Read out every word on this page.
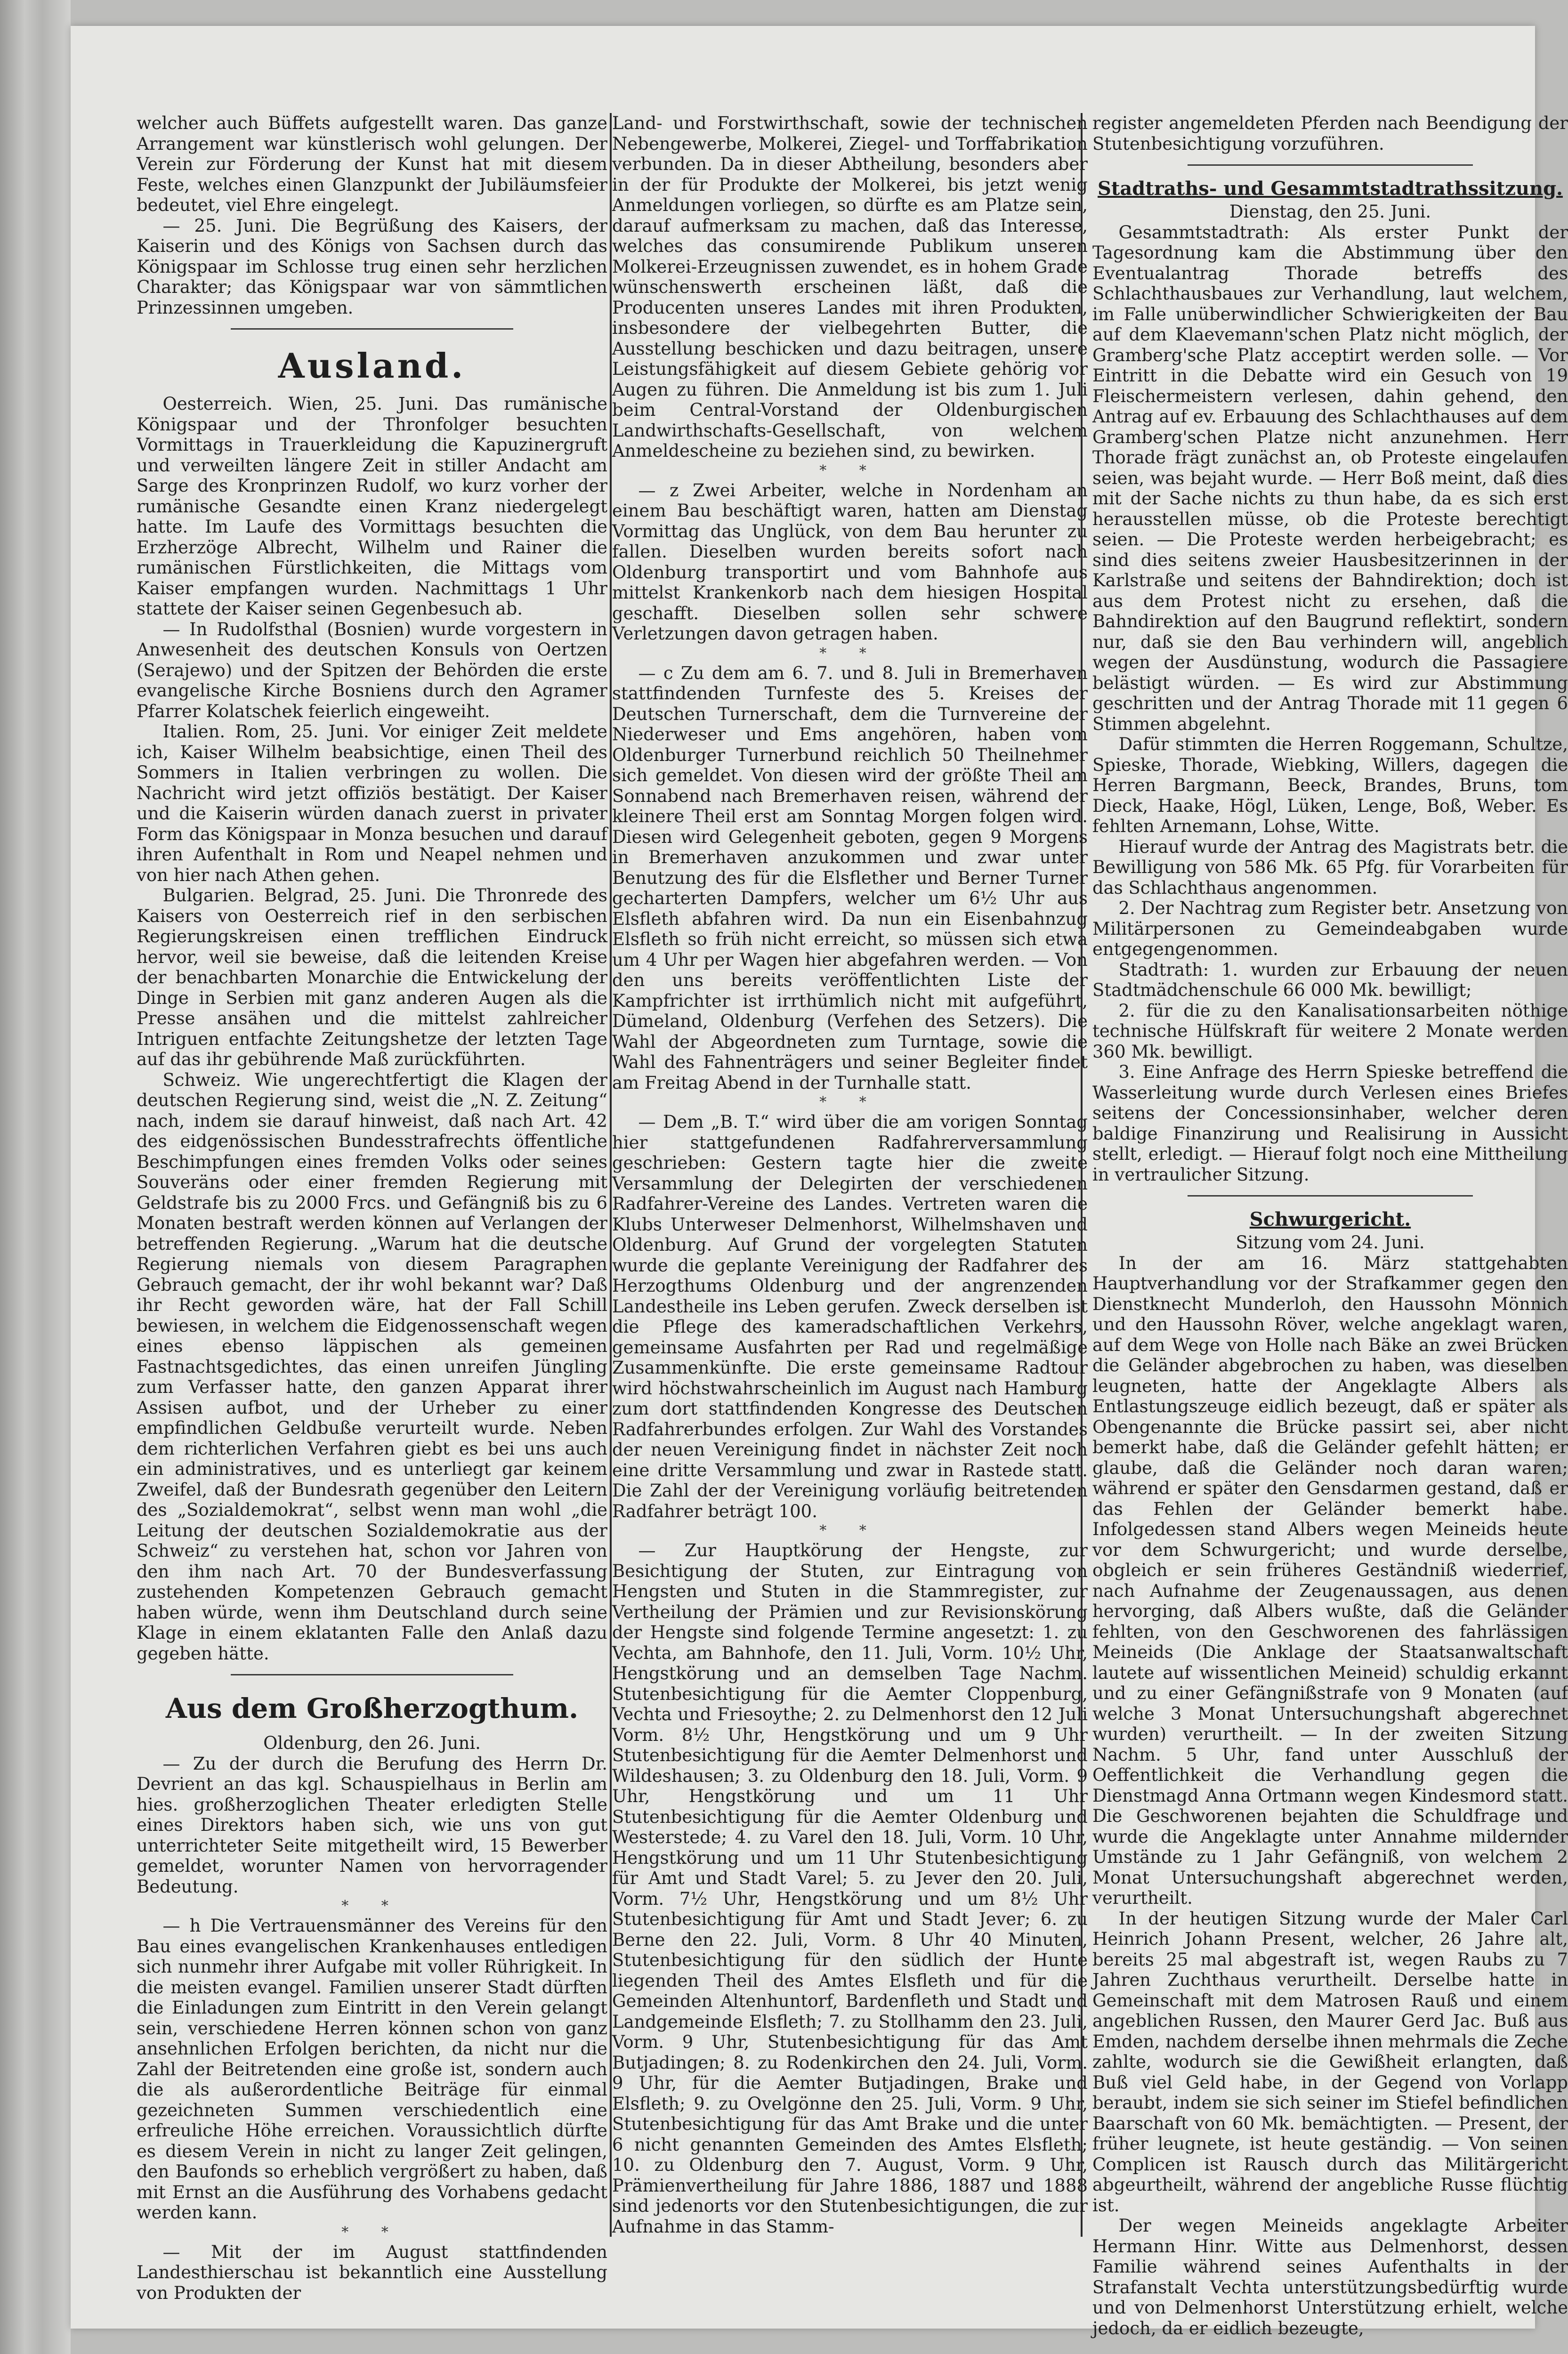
welcher auch Büffets aufgestellt waren. Das ganze Arrangement war künstlerisch wohl gelungen. Der Verein zur Förderung der Kunst hat mit diesem Feste, welches einen Glanzpunkt der Jubiläumsfeier bedeutet, viel Ehre eingelegt.

— 25. Juni. Die Begrüßung des Kaisers, der Kaiserin und des Königs von Sachsen durch das Königspaar im Schlosse trug einen sehr herzlichen Charakter; das Königspaar war von sämmtlichen Prinzessinnen umgeben.

Ausland.

Oesterreich. Wien, 25. Juni. Das rumänische Königspaar und der Thronfolger besuchten Vormittags in Trauerkleidung die Kapuzinergruft und verweilten längere Zeit in stiller Andacht am Sarge des Kronprinzen Rudolf, wo kurz vorher der rumänische Gesandte einen Kranz niedergelegt hatte. Im Laufe des Vormittags besuchten die Erzherzöge Albrecht, Wilhelm und Rainer die rumänischen Fürstlichkeiten, die Mittags vom Kaiser empfangen wurden. Nachmittags 1 Uhr stattete der Kaiser seinen Gegenbesuch ab.

— In Rudolfsthal (Bosnien) wurde vorgestern in Anwesenheit des deutschen Konsuls von Oertzen (Serajewo) und der Spitzen der Behörden die erste evangelische Kirche Bosniens durch den Agramer Pfarrer Kolatschek feierlich eingeweiht.

Italien. Rom, 25. Juni. Vor einiger Zeit meldete ich, Kaiser Wilhelm beabsichtige, einen Theil des Sommers in Italien verbringen zu wollen. Die Nachricht wird jetzt offiziös bestätigt. Der Kaiser und die Kaiserin würden danach zuerst in privater Form das Königspaar in Monza besuchen und darauf ihren Aufenthalt in Rom und Neapel nehmen und von hier nach Athen gehen.

Bulgarien. Belgrad, 25. Juni. Die Thronrede des Kaisers von Oesterreich rief in den serbischen Regierungskreisen einen trefflichen Eindruck hervor, weil sie beweise, daß die leitenden Kreise der benachbarten Monarchie die Entwickelung der Dinge in Serbien mit ganz anderen Augen als die Presse ansähen und die mittelst zahlreicher Intriguen entfachte Zeitungshetze der letzten Tage auf das ihr gebührende Maß zurückführten.

Schweiz. Wie ungerechtfertigt die Klagen der deutschen Regierung sind, weist die „N. Z. Zeitung“ nach, indem sie darauf hinweist, daß nach Art. 42 des eidgenössischen Bundesstrafrechts öffentliche Beschimpfungen eines fremden Volks oder seines Souveräns oder einer fremden Regierung mit Geldstrafe bis zu 2000 Frcs. und Gefängniß bis zu 6 Monaten bestraft werden können auf Verlangen der betreffenden Regierung. „Warum hat die deutsche Regierung niemals von diesem Paragraphen Gebrauch gemacht, der ihr wohl bekannt war? Daß ihr Recht geworden wäre, hat der Fall Schill bewiesen, in welchem die Eidgenossenschaft wegen eines ebenso läppischen als gemeinen Fastnachtsgedichtes, das einen unreifen Jüngling zum Verfasser hatte, den ganzen Apparat ihrer Assisen aufbot, und der Urheber zu einer empfindlichen Geldbuße verurteilt wurde. Neben dem richterlichen Verfahren giebt es bei uns auch ein administratives, und es unterliegt gar keinem Zweifel, daß der Bundesrath gegenüber den Leitern des „Sozialdemokrat“, selbst wenn man wohl „die Leitung der deutschen Sozialdemokratie aus der Schweiz“ zu verstehen hat, schon vor Jahren von den ihm nach Art. 70 der Bundesverfassung zustehenden Kompetenzen Gebrauch gemacht haben würde, wenn ihm Deutschland durch seine Klage in einem eklatanten Falle den Anlaß dazu gegeben hätte.

Aus dem Großherzogthum.

Oldenburg, den 26. Juni.

— Zu der durch die Berufung des Herrn Dr. Devrient an das kgl. Schauspielhaus in Berlin am hies. großherzoglichen Theater erledigten Stelle eines Direktors haben sich, wie uns von gut unterrichteter Seite mitgetheilt wird, 15 Bewerber gemeldet, worunter Namen von hervorragender Bedeutung.

* *

— h Die Vertrauensmänner des Vereins für den Bau eines evangelischen Krankenhauses entledigen sich nunmehr ihrer Aufgabe mit voller Rührigkeit. In die meisten evangel. Familien unserer Stadt dürften die Einladungen zum Eintritt in den Verein gelangt sein, verschiedene Herren können schon von ganz ansehnlichen Erfolgen berichten, da nicht nur die Zahl der Beitretenden eine große ist, sondern auch die als außerordentliche Beiträge für einmal gezeichneten Summen verschiedentlich eine erfreuliche Höhe erreichen. Voraussichtlich dürfte es diesem Verein in nicht zu langer Zeit gelingen, den Baufonds so erheblich vergrößert zu haben, daß mit Ernst an die Ausführung des Vorhabens gedacht werden kann.

* *

— Mit der im August stattfindenden Landesthierschau ist bekanntlich eine Ausstellung von Produkten der

Land- und Forstwirthschaft, sowie der technischen Nebengewerbe, Molkerei, Ziegel- und Torffabrikation verbunden. Da in dieser Abtheilung, besonders aber in der für Produkte der Molkerei, bis jetzt wenig Anmeldungen vorliegen, so dürfte es am Platze sein, darauf aufmerksam zu machen, daß das Interesse, welches das consumirende Publikum unseren Molkerei-Erzeugnissen zuwendet, es in hohem Grade wünschenswerth erscheinen läßt, daß die Producenten unseres Landes mit ihren Produkten, insbesondere der vielbegehrten Butter, die Ausstellung beschicken und dazu beitragen, unsere Leistungsfähigkeit auf diesem Gebiete gehörig vor Augen zu führen. Die Anmeldung ist bis zum 1. Juli beim Central-Vorstand der Oldenburgischen Landwirthschafts-Gesellschaft, von welchem Anmeldescheine zu beziehen sind, zu bewirken.

* *

— z Zwei Arbeiter, welche in Nordenham an einem Bau beschäftigt waren, hatten am Dienstag Vormittag das Unglück, von dem Bau herunter zu fallen. Dieselben wurden bereits sofort nach Oldenburg transportirt und vom Bahnhofe aus mittelst Krankenkorb nach dem hiesigen Hospital geschafft. Dieselben sollen sehr schwere Verletzungen davon getragen haben.

* *

— c Zu dem am 6. 7. und 8. Juli in Bremerhaven stattfindenden Turnfeste des 5. Kreises der Deutschen Turnerschaft, dem die Turnvereine der Niederweser und Ems angehören, haben vom Oldenburger Turnerbund reichlich 50 Theilnehmer sich gemeldet. Von diesen wird der größte Theil am Sonnabend nach Bremerhaven reisen, während der kleinere Theil erst am Sonntag Morgen folgen wird. Diesen wird Gelegenheit geboten, gegen 9 Morgens in Bremerhaven anzukommen und zwar unter Benutzung des für die Elsflether und Berner Turner gecharterten Dampfers, welcher um 6½ Uhr aus Elsfleth abfahren wird. Da nun ein Eisenbahnzug Elsfleth so früh nicht erreicht, so müssen sich etwa um 4 Uhr per Wagen hier abgefahren werden. — Von den uns bereits veröffentlichten Liste der Kampfrichter ist irrthümlich nicht mit aufgeführt, Dümeland, Oldenburg (Verfehen des Setzers). Die Wahl der Abgeordneten zum Turntage, sowie die Wahl des Fahnenträgers und seiner Begleiter findet am Freitag Abend in der Turnhalle statt.

* *

— Dem „B. T.“ wird über die am vorigen Sonntag hier stattgefundenen Radfahrerversammlung geschrieben: Gestern tagte hier die zweite Versammlung der Delegirten der verschiedenen Radfahrer-Vereine des Landes. Vertreten waren die Klubs Unterweser Delmenhorst, Wilhelmshaven und Oldenburg. Auf Grund der vorgelegten Statuten wurde die geplante Vereinigung der Radfahrer des Herzogthums Oldenburg und der angrenzenden Landestheile ins Leben gerufen. Zweck derselben ist die Pflege des kameradschaftlichen Verkehrs, gemeinsame Ausfahrten per Rad und regelmäßige Zusammenkünfte. Die erste gemeinsame Radtour wird höchstwahrscheinlich im August nach Hamburg zum dort stattfindenden Kongresse des Deutschen Radfahrerbundes erfolgen. Zur Wahl des Vorstandes der neuen Vereinigung findet in nächster Zeit noch eine dritte Versammlung und zwar in Rastede statt. Die Zahl der der Vereinigung vorläufig beitretenden Radfahrer beträgt 100.

* *

— Zur Hauptkörung der Hengste, zur Besichtigung der Stuten, zur Eintragung von Hengsten und Stuten in die Stammregister, zur Vertheilung der Prämien und zur Revisionskörung der Hengste sind folgende Termine angesetzt: 1. zu Vechta, am Bahnhofe, den 11. Juli, Vorm. 10½ Uhr, Hengstkörung und an demselben Tage Nachm. Stutenbesichtigung für die Aemter Cloppenburg, Vechta und Friesoythe; 2. zu Delmenhorst den 12 Juli Vorm. 8½ Uhr, Hengstkörung und um 9 Uhr Stutenbesichtigung für die Aemter Delmenhorst und Wildeshausen; 3. zu Oldenburg den 18. Juli, Vorm. 9 Uhr, Hengstkörung und um 11 Uhr Stutenbesichtigung für die Aemter Oldenburg und Westerstede; 4. zu Varel den 18. Juli, Vorm. 10 Uhr, Hengstkörung und um 11 Uhr Stutenbesichtigung für Amt und Stadt Varel; 5. zu Jever den 20. Juli, Vorm. 7½ Uhr, Hengstkörung und um 8½ Uhr Stutenbesichtigung für Amt und Stadt Jever; 6. zu Berne den 22. Juli, Vorm. 8 Uhr 40 Minuten, Stutenbesichtigung für den südlich der Hunte liegenden Theil des Amtes Elsfleth und für die Gemeinden Altenhuntorf, Bardenfleth und Stadt und Landgemeinde Elsfleth; 7. zu Stollhamm den 23. Juli, Vorm. 9 Uhr, Stutenbesichtigung für das Amt Butjadingen; 8. zu Rodenkirchen den 24. Juli, Vorm. 9 Uhr, für die Aemter Butjadingen, Brake und Elsfleth; 9. zu Ovelgönne den 25. Juli, Vorm. 9 Uhr, Stutenbesichtigung für das Amt Brake und die unter 6 nicht genannten Gemeinden des Amtes Elsfleth; 10. zu Oldenburg den 7. August, Vorm. 9 Uhr, Prämienvertheilung für Jahre 1886, 1887 und 1888 sind jedenorts vor den Stutenbesichtigungen, die zur Aufnahme in das Stamm-

register angemeldeten Pferden nach Beendigung der Stutenbesichtigung vorzuführen.

Stadtraths- und Gesammtstadtrathssitzung.

Dienstag, den 25. Juni.

Gesammtstadtrath: Als erster Punkt der Tagesordnung kam die Abstimmung über den Eventualantrag Thorade betreffs des Schlachthausbaues zur Verhandlung, laut welchem, im Falle unüberwindlicher Schwierigkeiten der Bau auf dem Klaevemann'schen Platz nicht möglich, der Gramberg'sche Platz acceptirt werden solle. — Vor Eintritt in die Debatte wird ein Gesuch von 19 Fleischermeistern verlesen, dahin gehend, den Antrag auf ev. Erbauung des Schlachthauses auf dem Gramberg'schen Platze nicht anzunehmen. Herr Thorade frägt zunächst an, ob Proteste eingelaufen seien, was bejaht wurde. — Herr Boß meint, daß dies mit der Sache nichts zu thun habe, da es sich erst herausstellen müsse, ob die Proteste berechtigt seien. — Die Proteste werden herbeigebracht; es sind dies seitens zweier Hausbesitzerinnen in der Karlstraße und seitens der Bahndirektion; doch ist aus dem Protest nicht zu ersehen, daß die Bahndirektion auf den Baugrund reflektirt, sondern nur, daß sie den Bau verhindern will, angeblich wegen der Ausdünstung, wodurch die Passagiere belästigt würden. — Es wird zur Abstimmung geschritten und der Antrag Thorade mit 11 gegen 6 Stimmen abgelehnt.

Dafür stimmten die Herren Roggemann, Schultze, Spieske, Thorade, Wiebking, Willers, dagegen die Herren Bargmann, Beeck, Brandes, Bruns, tom Dieck, Haake, Högl, Lüken, Lenge, Boß, Weber. Es fehlten Arnemann, Lohse, Witte.

Hierauf wurde der Antrag des Magistrats betr. die Bewilligung von 586 Mk. 65 Pfg. für Vorarbeiten für das Schlachthaus angenommen.

2. Der Nachtrag zum Register betr. Ansetzung von Militärpersonen zu Gemeindeabgaben wurde entgegengenommen.

Stadtrath: 1. wurden zur Erbauung der neuen Stadtmädchenschule 66 000 Mk. bewilligt;

2. für die zu den Kanalisationsarbeiten nöthige technische Hülfskraft für weitere 2 Monate werden 360 Mk. bewilligt.

3. Eine Anfrage des Herrn Spieske betreffend die Wasserleitung wurde durch Verlesen eines Briefes seitens der Concessionsinhaber, welcher deren baldige Finanzirung und Realisirung in Aussicht stellt, erledigt. — Hierauf folgt noch eine Mittheilung in vertraulicher Sitzung.

Schwurgericht.

Sitzung vom 24. Juni.

In der am 16. März stattgehabten Hauptverhandlung vor der Strafkammer gegen den Dienstknecht Munderloh, den Haussohn Mönnich und den Haussohn Röver, welche angeklagt waren, auf dem Wege von Holle nach Bäke an zwei Brücken die Geländer abgebrochen zu haben, was dieselben leugneten, hatte der Angeklagte Albers als Entlastungszeuge eidlich bezeugt, daß er später als Obengenannte die Brücke passirt sei, aber nicht bemerkt habe, daß die Geländer gefehlt hätten; er glaube, daß die Geländer noch daran waren; während er später den Gensdarmen gestand, daß er das Fehlen der Geländer bemerkt habe. Infolgedessen stand Albers wegen Meineids heute vor dem Schwurgericht; und wurde derselbe, obgleich er sein früheres Geständniß wiederrief, nach Aufnahme der Zeugenaussagen, aus denen hervorging, daß Albers wußte, daß die Geländer fehlten, von den Geschworenen des fahrlässigen Meineids (Die Anklage der Staatsanwaltschaft lautete auf wissentlichen Meineid) schuldig erkannt und zu einer Gefängnißstrafe von 9 Monaten (auf welche 3 Monat Untersuchungshaft abgerechnet wurden) verurtheilt. — In der zweiten Sitzung Nachm. 5 Uhr, fand unter Ausschluß der Oeffentlichkeit die Verhandlung gegen die Dienstmagd Anna Ortmann wegen Kindesmord statt. Die Geschworenen bejahten die Schuldfrage und wurde die Angeklagte unter Annahme mildernder Umstände zu 1 Jahr Gefängniß, von welchem 2 Monat Untersuchungshaft abgerechnet werden, verurtheilt.

In der heutigen Sitzung wurde der Maler Carl Heinrich Johann Present, welcher, 26 Jahre alt, bereits 25 mal abgestraft ist, wegen Raubs zu 7 Jahren Zuchthaus verurtheilt. Derselbe hatte in Gemeinschaft mit dem Matrosen Rauß und einem angeblichen Russen, den Maurer Gerd Jac. Buß aus Emden, nachdem derselbe ihnen mehrmals die Zeche zahlte, wodurch sie die Gewißheit erlangten, daß Buß viel Geld habe, in der Gegend von Vorlapp beraubt, indem sie sich seiner im Stiefel befindlichen Baarschaft von 60 Mk. bemächtigten. — Present, der früher leugnete, ist heute geständig. — Von seinen Complicen ist Rausch durch das Militärgericht abgeurtheilt, während der angebliche Russe flüchtig ist.

Der wegen Meineids angeklagte Arbeiter Hermann Hinr. Witte aus Delmenhorst, dessen Familie während seines Aufenthalts in der Strafanstalt Vechta unterstützungsbedürftig wurde und von Delmenhorst Unterstützung erhielt, welche jedoch, da er eidlich bezeugte,
